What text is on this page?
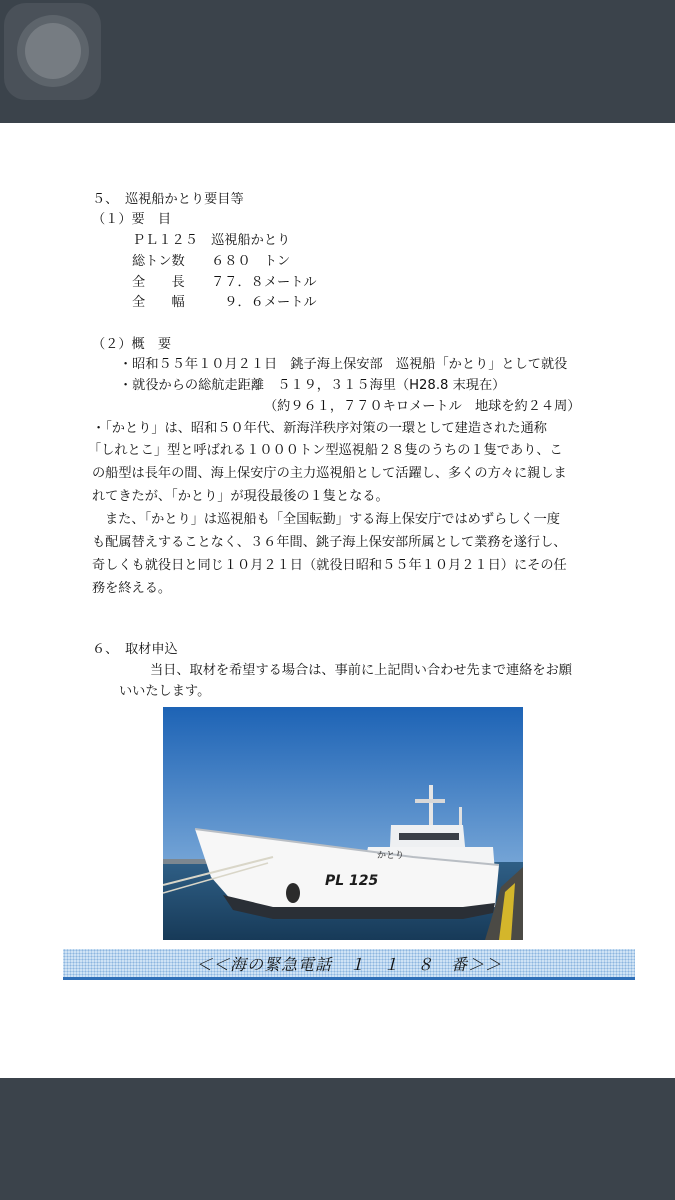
５、　巡視船かとり要目等
（１）要　目
ＰＬ１２５　巡視船かとり
総トン数　　６８０　トン
全　　長　　７７．８メートル
全　　幅　　　９．６メートル
（２）概　要
・昭和５５年１０月２１日　銚子海上保安部　巡視船「かとり」として就役
・就役からの総航走距離　５１９，３１５海里（H28.8 末現在）
（約９６１，７７０キロメートル　地球を約２４周）
・「かとり」は、昭和５０年代、新海洋秩序対策の一環として建造された通称
「しれとこ」型と呼ばれる１０００トン型巡視船２８隻のうちの１隻であり、こ
の船型は長年の間、海上保安庁の主力巡視船として活躍し、多くの方々に親しま
れてきたが、「かとり」が現役最後の１隻となる。
また、「かとり」は巡視船も「全国転勤」する海上保安庁ではめずらしく一度
も配属替えすることなく、３６年間、銚子海上保安部所属として業務を遂行し、
奇しくも就役日と同じ１０月２１日（就役日昭和５５年１０月２１日）にその任
務を終える。
６、　取材申込
当日、取材を希望する場合は、事前に上記問い合わせ先まで連絡をお願
いいたします。
PL 125
かとり
＜＜海の緊急電話　１　１　８　番＞＞
